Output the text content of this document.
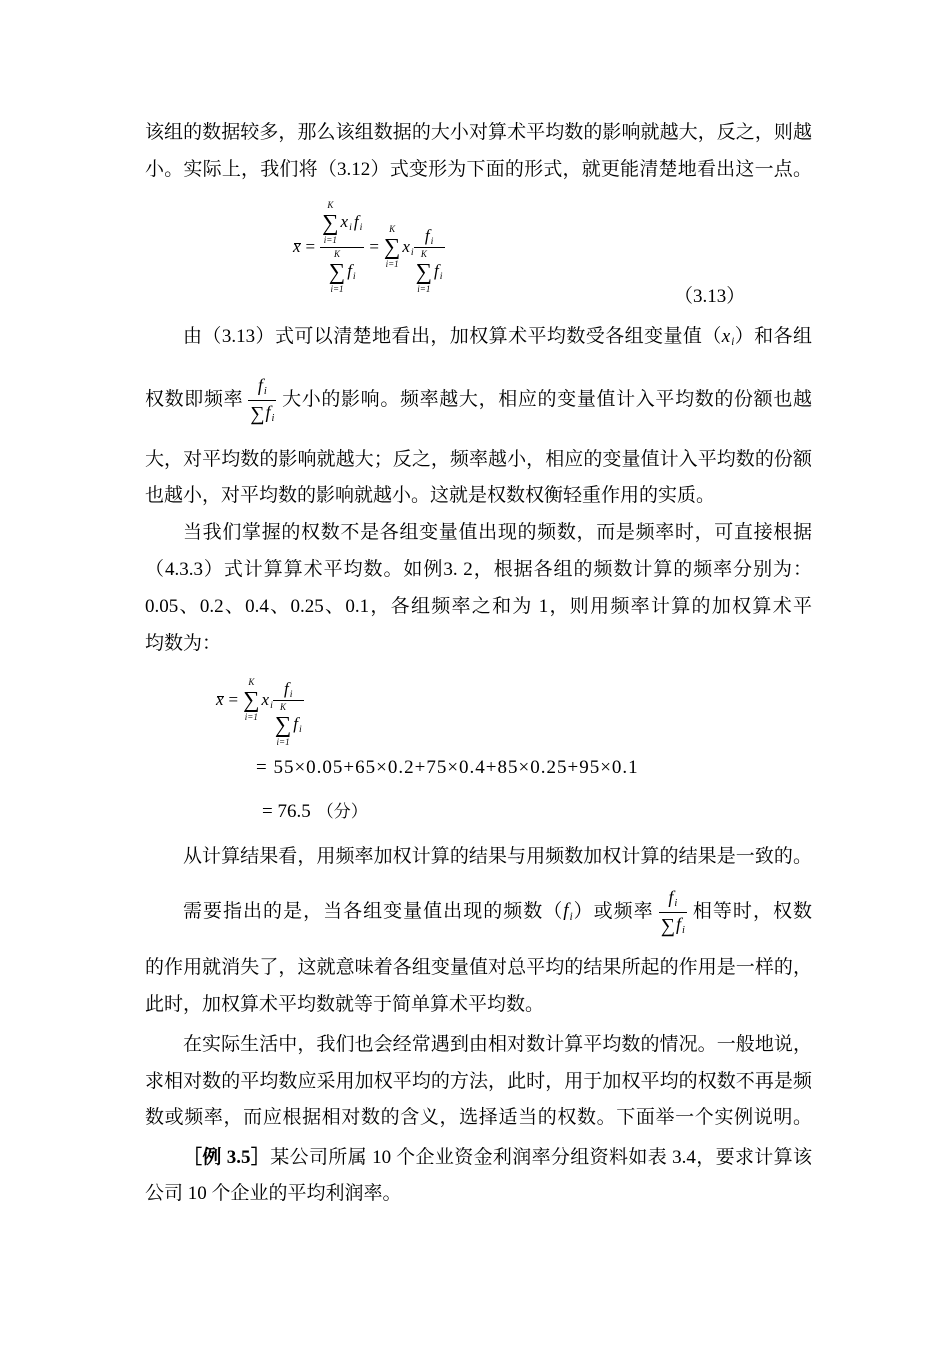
该组的数据较多，那么该组数据的大小对算术平均数的影响就越大，反之，则越
小。实际上，我们将（3.12）式变形为下面的形式，就更能清楚地看出这一点。
x = K
∑
i=1
xi fi
K
∑
i=1
fi =
K
∑
i=1
xi fi
K
∑
i=1
fi
（3.13）
由（3.13）式可以清楚地看出，加权算术平均数受各组变量值（xi）和各组
权数即频率 $\frac{fi}{\sum fi}$ 大小的影响。频率越大，相应的变量值计入平均数的份额也越
大，对平均数的影响就越大；反之，频率越小，相应的变量值计入平均数的份额
也越小，对平均数的影响就越小。这就是权数权衡轻重作用的实质。
当我们掌握的权数不是各组变量值出现的频数，而是频率时，可直接根据
（4.3.3）式计算算术平均数。如例3. 2，根据各组的频数计算的频率分别为：
0.05、0.2、0.4、0.25、0.1，各组频率之和为 1，则用频率计算的加权算术平
均数为：
x =
K
∑
i=1
xi fi
K
∑
i=1
fi
= 55×0.05+65×0.2+75×0.4+85×0.25+95×0.1
= 76.5 （分）
从计算结果看，用频率加权计算的结果与用频数加权计算的结果是一致的。
需要指出的是，当各组变量值出现的频数（fi）或频率 $\frac{fi}{\sum fi}$ 相等时，权数
的作用就消失了，这就意味着各组变量值对总平均的结果所起的作用是一样的，
此时，加权算术平均数就等于简单算术平均数。
在实际生活中，我们也会经常遇到由相对数计算平均数的情况。一般地说，
求相对数的平均数应采用加权平均的方法，此时，用于加权平均的权数不再是频
数或频率，而应根据相对数的含义，选择适当的权数。下面举一个实例说明。
［例 3.5］某公司所属 10 个企业资金利润率分组资料如表 3.4，要求计算该
公司 10 个企业的平均利润率。
